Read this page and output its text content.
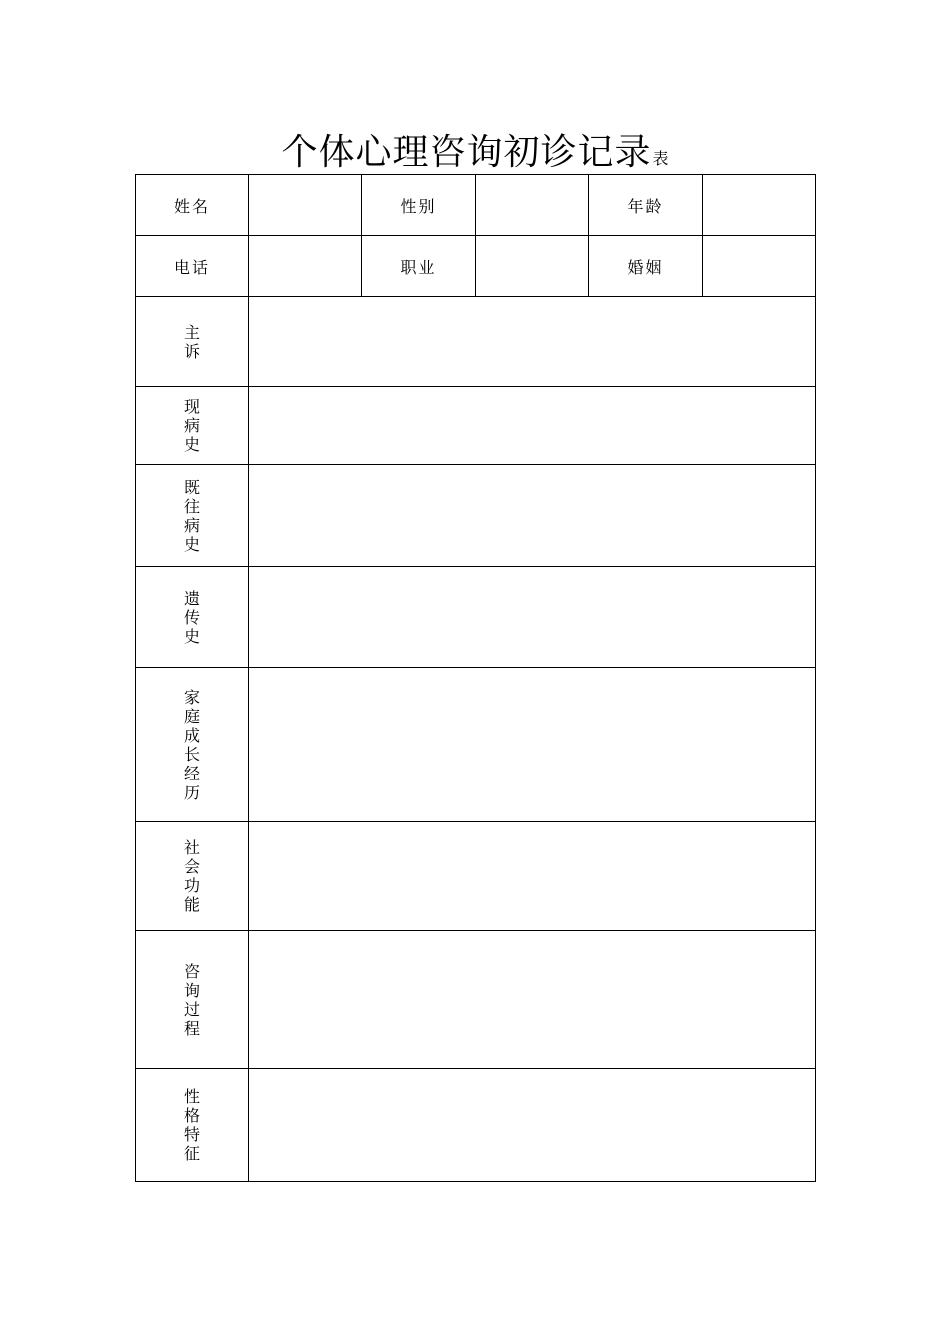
个体心理咨询初诊记录表
姓名		性别		年龄	
电话		职业		婚姻	
主诉					
现病史					
既往病史					
遗传史					
家庭成长经历					
社会功能					
咨询过程					
性格特征					
